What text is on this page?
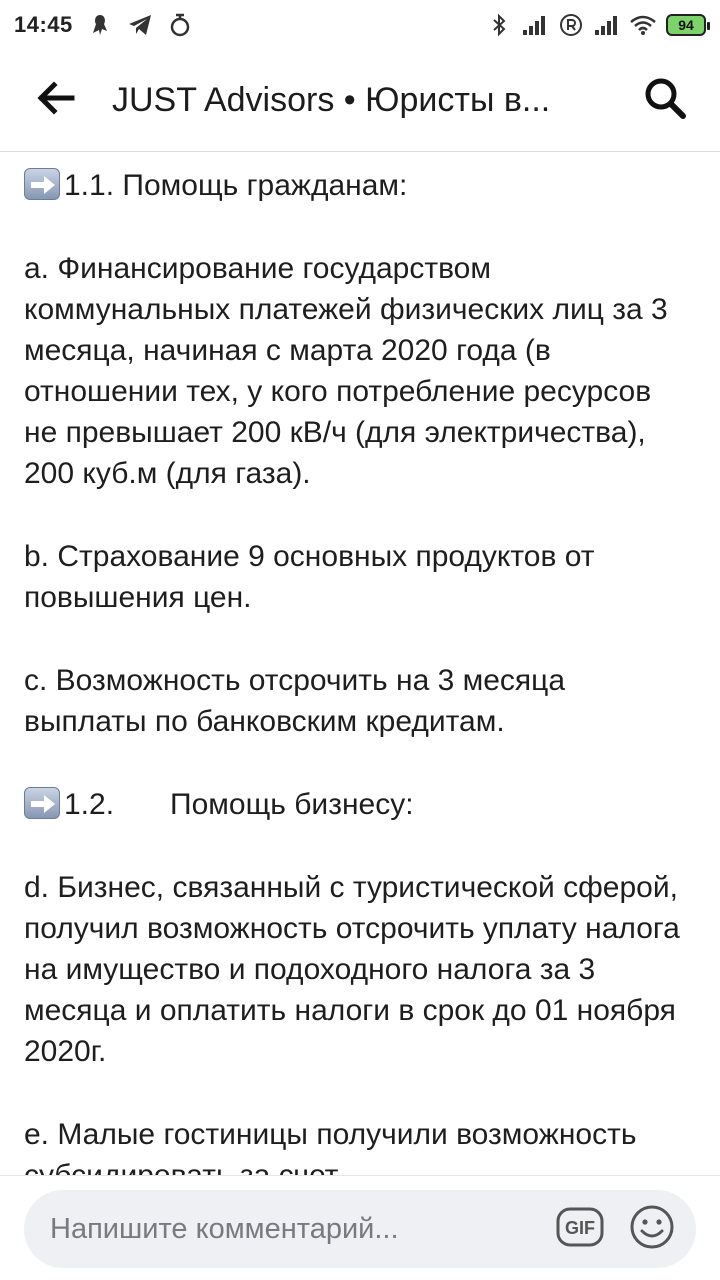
14:45	94
JUST Advisors • Юристы в...

1.1. Помощь гражданам:

a. Финансирование государством коммунальных платежей физических лиц за 3 месяца, начиная с марта 2020 года (в отношении тех, у кого потребление ресурсов не превышает 200 кВ/ч (для электричества), 200 куб.м (для газа).

b. Страхование 9 основных продуктов от повышения цен.

c. Возможность отсрочить на 3 месяца выплаты по банковским кредитам.

1.2. Помощь бизнесу:

d. Бизнес, связанный с туристической сферой, получил возможность отсрочить уплату налога на имущество и подоходного налога за 3 месяца и оплатить налоги в срок до 01 ноября 2020г.

e. Малые гостиницы получили возможность

Напишите комментарий...
GIF
